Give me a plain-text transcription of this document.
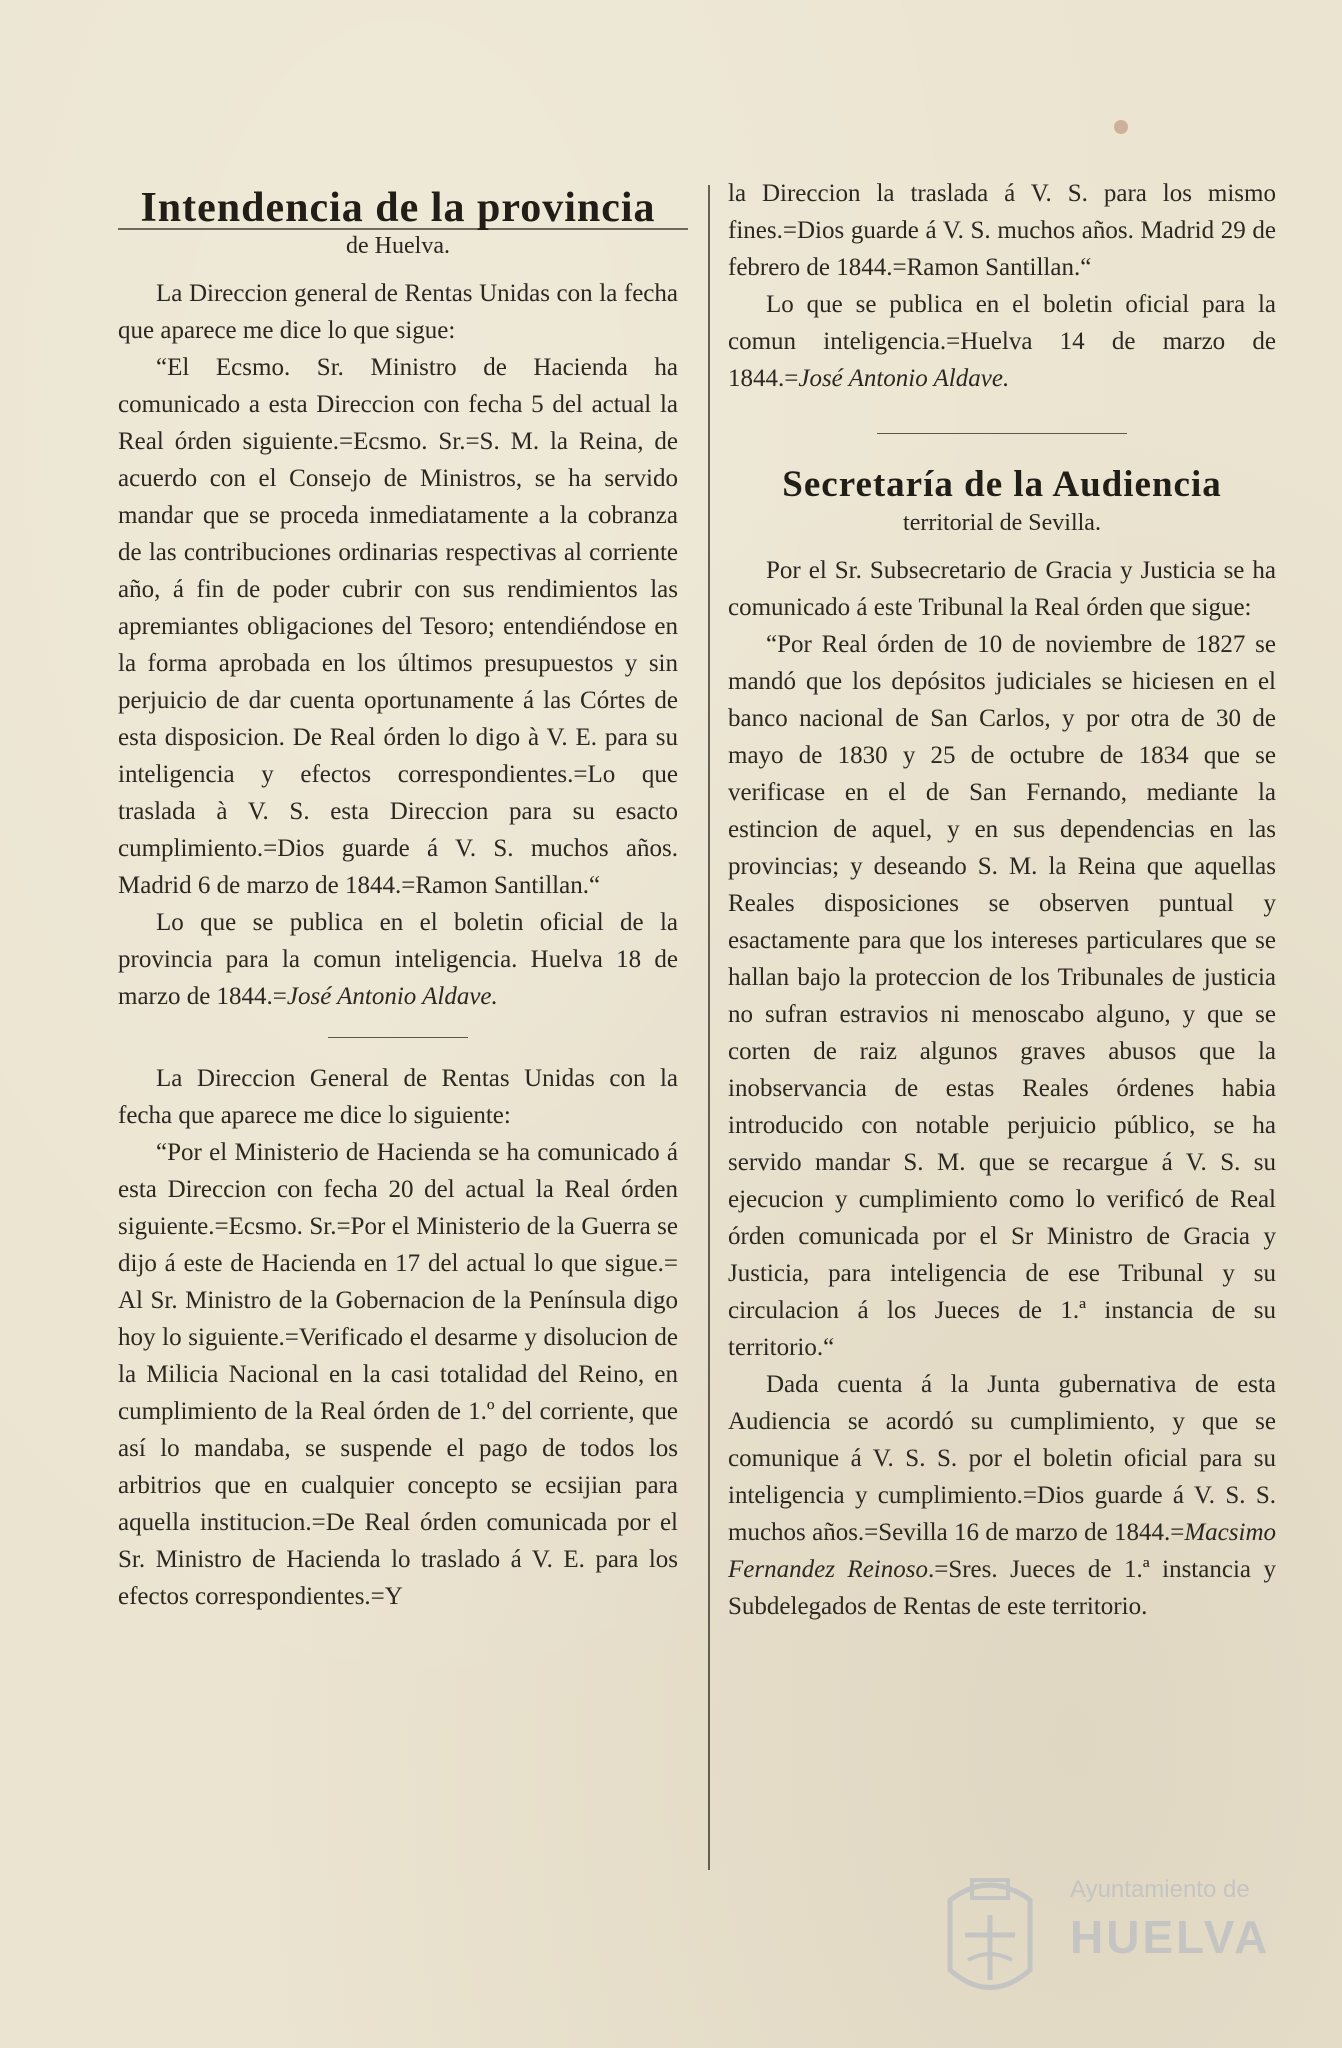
Intendencia de la provincia
de Huelva.

La Direccion general de Rentas Unidas con la fecha que aparece me dice lo que sigue:

“El Ecsmo. Sr. Ministro de Hacienda ha comunicado a esta Direccion con fecha 5 del actual la Real órden siguiente.=Ecsmo. Sr.=S. M. la Reina, de acuerdo con el Consejo de Ministros, se ha servido mandar que se proceda inmediatamente a la cobranza de las contribuciones ordinarias respectivas al corriente año, á fin de poder cubrir con sus rendimientos las apremiantes obligaciones del Tesoro; entendiéndose en la forma aprobada en los últimos presupuestos y sin perjuicio de dar cuenta oportunamente á las Córtes de esta disposicion. De Real órden lo digo à V. E. para su inteligencia y efectos correspondientes.=Lo que traslada à V. S. esta Direccion para su esacto cumplimiento.=Dios guarde á V. S. muchos años. Madrid 6 de marzo de 1844.=Ramon Santillan.“

Lo que se publica en el boletin oficial de la provincia para la comun inteligencia. Huelva 18 de marzo de 1844.=José Antonio Aldave.

La Direccion General de Rentas Unidas con la fecha que aparece me dice lo siguiente:

“Por el Ministerio de Hacienda se ha comunicado á esta Direccion con fecha 20 del actual la Real órden siguiente.=Ecsmo. Sr.=Por el Ministerio de la Guerra se dijo á este de Hacienda en 17 del actual lo que sigue.= Al Sr. Ministro de la Gobernacion de la Península digo hoy lo siguiente.=Verificado el desarme y disolucion de la Milicia Nacional en la casi totalidad del Reino, en cumplimiento de la Real órden de 1.º del corriente, que así lo mandaba, se suspende el pago de todos los arbitrios que en cualquier concepto se ecsijian para aquella institucion.=De Real órden comunicada por el Sr. Ministro de Hacienda lo traslado á V. E. para los efectos correspondientes.=Y

la Direccion la traslada á V. S. para los mismo fines.=Dios guarde á V. S. muchos años. Madrid 29 de febrero de 1844.=Ramon Santillan.“

Lo que se publica en el boletin oficial para la comun inteligencia.=Huelva 14 de marzo de 1844.=José Antonio Aldave.

Secretaría de la Audiencia
territorial de Sevilla.

Por el Sr. Subsecretario de Gracia y Justicia se ha comunicado á este Tribunal la Real órden que sigue:

“Por Real órden de 10 de noviembre de 1827 se mandó que los depósitos judiciales se hiciesen en el banco nacional de San Carlos, y por otra de 30 de mayo de 1830 y 25 de octubre de 1834 que se verificase en el de San Fernando, mediante la estincion de aquel, y en sus dependencias en las provincias; y deseando S. M. la Reina que aquellas Reales disposiciones se observen puntual y esactamente para que los intereses particulares que se hallan bajo la proteccion de los Tribunales de justicia no sufran estravios ni menoscabo alguno, y que se corten de raiz algunos graves abusos que la inobservancia de estas Reales órdenes habia introducido con notable perjuicio público, se ha servido mandar S. M. que se recargue á V. S. su ejecucion y cumplimiento como lo verificó de Real órden comunicada por el Sr Ministro de Gracia y Justicia, para inteligencia de ese Tribunal y su circulacion á los Jueces de 1.ª instancia de su territorio.“

Dada cuenta á la Junta gubernativa de esta Audiencia se acordó su cumplimiento, y que se comunique á V. S. S. por el boletin oficial para su inteligencia y cumplimiento.=Dios guarde á V. S. S. muchos años.=Sevilla 16 de marzo de 1844.=Macsimo Fernandez Reinoso.=Sres. Jueces de 1.ª instancia y Subdelegados de Rentas de este territorio.

Ayuntamiento de
HUELVA
